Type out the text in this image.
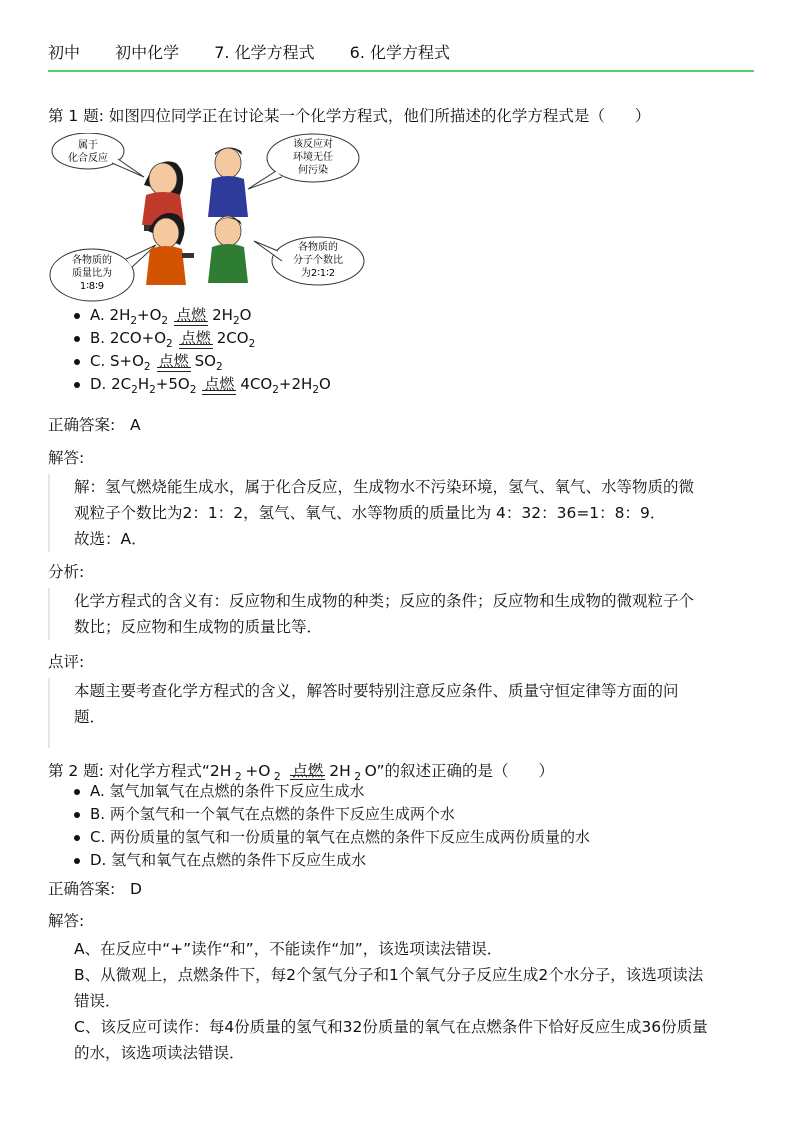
初中 初中化学 7. 化学方程式 6. 化学方程式
第 1 题: 如图四位同学正在讨论某一个化学方程式，他们所描述的化学方程式是（ ）
属于
化合反应
该反应对
环境无任
何污染
各物质的
分子个数比
为2∶1∶2
各物质的
质量比为
1∶8∶9
A. $2H_2+O_2$ 点燃 $2H_2O$
B. $2CO+O_2$ 点燃 $2CO_2$
C. $S+O_2$ 点燃 $SO_2$
D. $2C_2H_2+5O_2$ 点燃 $4CO_2+2H_2O$
正确答案: A
解答:

解：氢气燃烧能生成水，属于化合反应，生成物水不污染环境，氢气、氧气、水等物质的微

观粒子个数比为2：1：2，氢气、氧气、水等物质的质量比为 4：32：36=1：8：9．

故选：A．

分析:

化学方程式的含义有：反应物和生成物的种类；反应的条件；反应物和生成物的微观粒子个

数比；反应物和生成物的质量比等．

点评:

本题主要考查化学方程式的含义，解答时要特别注意反应条件、质量守恒定律等方面的问

题．

第 2 题: 对化学方程式“2H $_2$ +O $_2$ 点燃 2H $_2$ O”的叙述正确的是（ ）
A. 氢气加氧气在点燃的条件下反应生成水
B. 两个氢气和一个氧气在点燃的条件下反应生成两个水
C. 两份质量的氢气和一份质量的氧气在点燃的条件下反应生成两份质量的水
D. 氢气和氧气在点燃的条件下反应生成水
正确答案: D
解答:

A、在反应中“+”读作“和”，不能读作“加”，该选项读法错误．

B、从微观上，点燃条件下，每2个氢气分子和1个氧气分子反应生成2个水分子，该选项读法

错误．

C、该反应可读作：每4份质量的氢气和32份质量的氧气在点燃条件下恰好反应生成36份质量

的水，该选项读法错误．
